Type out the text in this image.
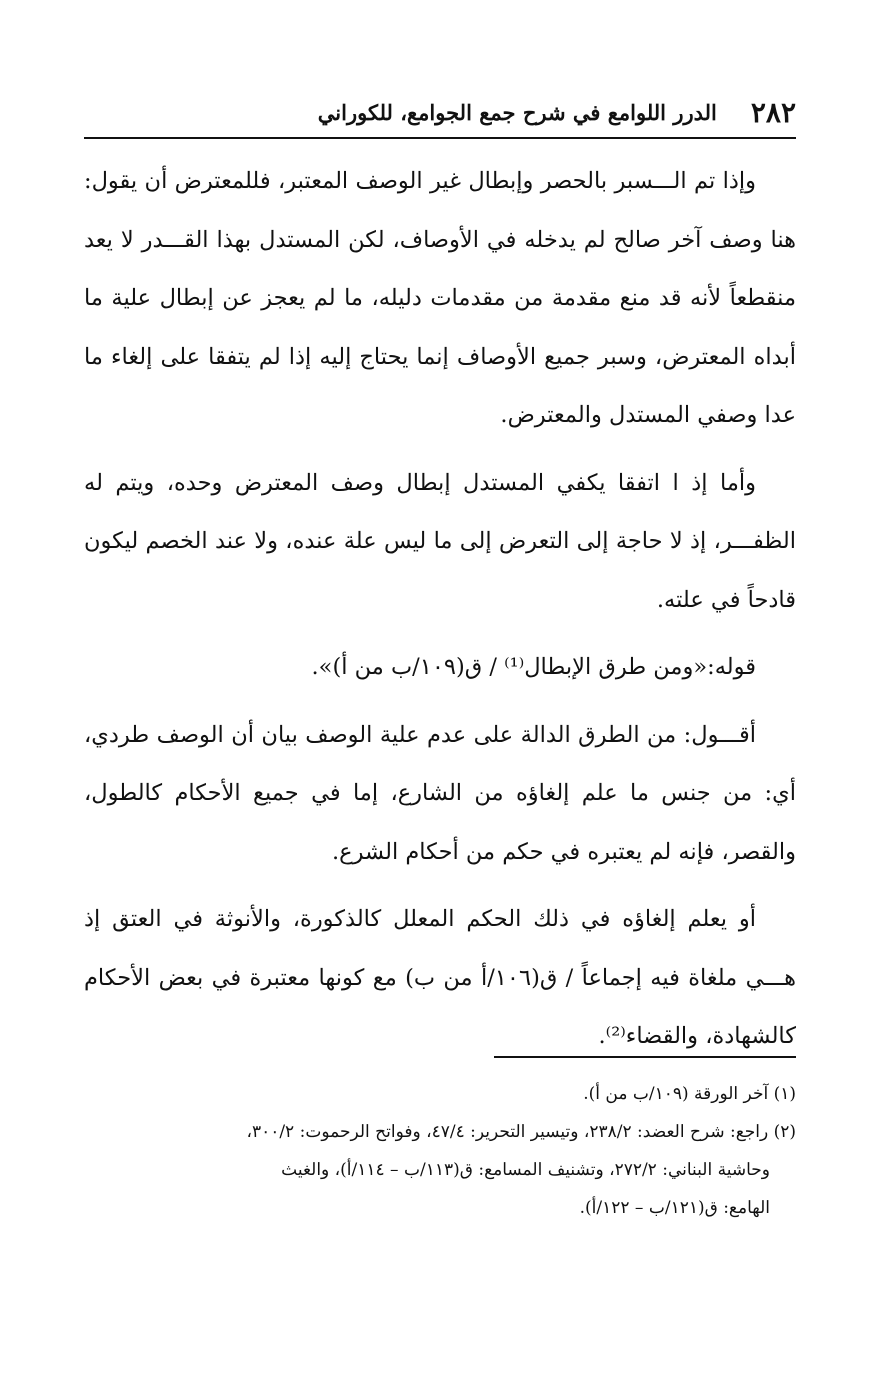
٢٨٢
الدرر اللوامع في شرح جمع الجوامع، للكوراني

وإذا تم الـــسبر بالحصر وإبطال غير الوصف المعتبر، فللمعترض أن يقول: هنا وصف آخر صالح لم يدخله في الأوصاف، لكن المستدل بهذا القـــدر لا يعد منقطعاً لأنه قد منع مقدمة من مقدمات دليله، ما لم يعجز عن إبطال علية ما أبداه المعترض، وسبر جميع الأوصاف إنما يحتاج إليه إذا لم يتفقا على إلغاء ما عدا وصفي المستدل والمعترض.

وأما إذ ا اتفقا يكفي المستدل إبطال وصف المعترض وحده، ويتم له الظفـــر، إذ لا حاجة إلى التعرض إلى ما ليس علة عنده، ولا عند الخصم ليكون قادحاً في علته.

قوله:«ومن طرق الإبطال⁽¹⁾ / ق(١٠٩/ب من أ)».

أقـــول: من الطرق الدالة على عدم علية الوصف بيان أن الوصف طردي، أي: من جنس ما علم إلغاؤه من الشارع، إما في جميع الأحكام كالطول، والقصر، فإنه لم يعتبره في حكم من أحكام الشرع.

أو يعلم إلغاؤه في ذلك الحكم المعلل كالذكورة، والأنوثة في العتق إذ هـــي ملغاة فيه إجماعاً / ق(١٠٦/أ من ب) مع كونها معتبرة في بعض الأحكام كالشهادة، والقضاء⁽²⁾.

(١) آخر الورقة (١٠٩/ب من أ).

(٢) راجع: شرح العضد: ٢٣٨/٢، وتيسير التحرير: ٤٧/٤، وفواتح الرحموت: ٣٠٠/٢،

وحاشية البناني: ٢٧٢/٢، وتشنيف المسامع: ق(١١٣/ب – ١١٤/أ)، والغيث

الهامع: ق(١٢١/ب – ١٢٢/أ).
